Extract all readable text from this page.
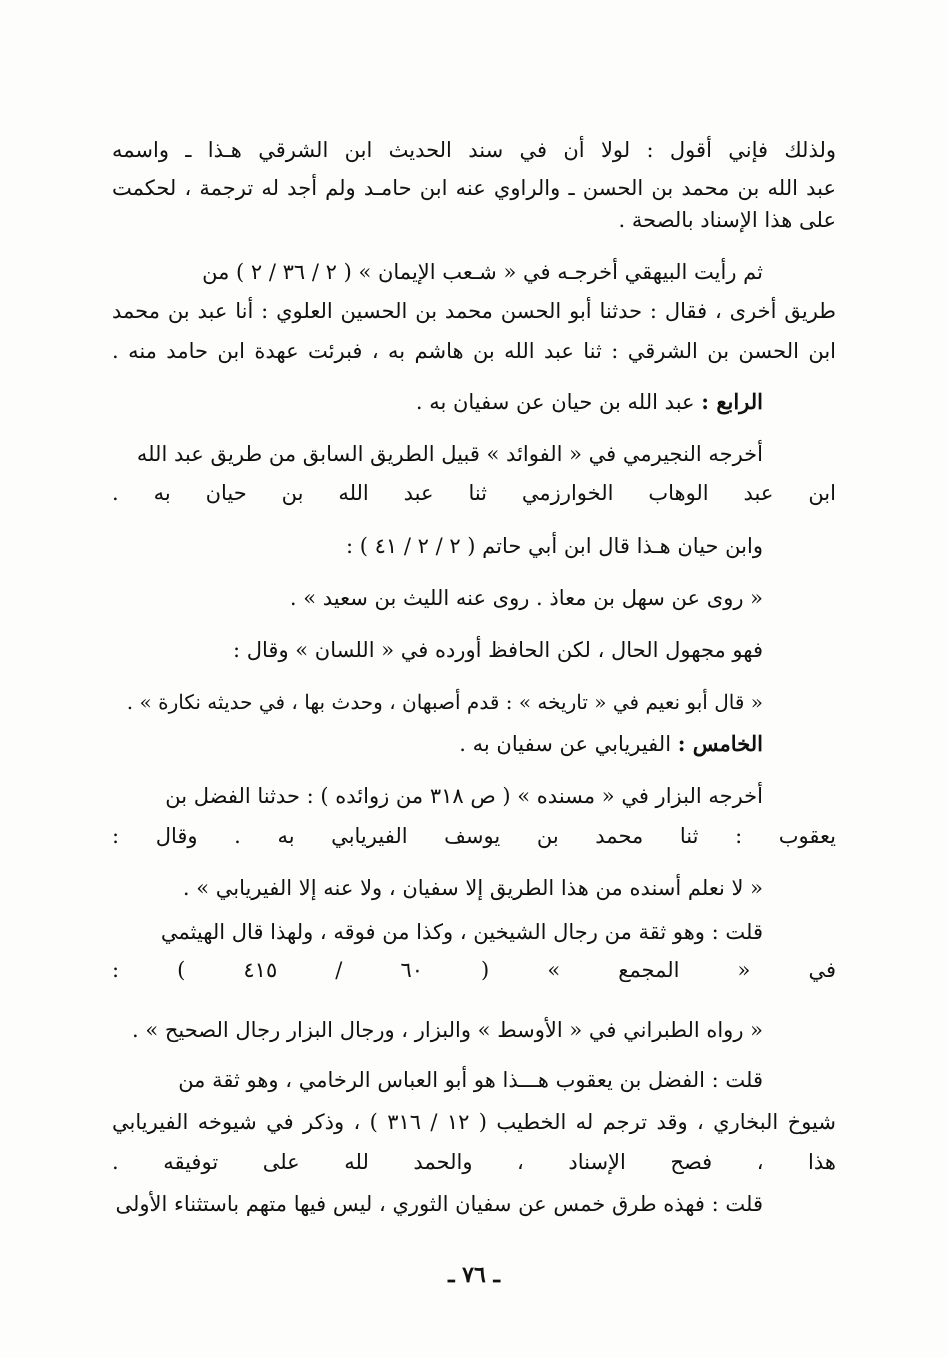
ولذلك فإني أقول : لولا أن في سند الحديث ابن الشرقي هـذا ـ واسمه
عبد الله بن محمد بن الحسن ـ والراوي عنه ابن حامـد ولم أجد له ترجمة ، لحكمت
على هذا الإسناد بالصحة .
ثم رأيت البيهقي أخرجـه في « شـعب الإيمان » ( ٢ / ٣٦ / ٢ ) من
طريق أخرى ، فقال : حدثنا أبو الحسن محمد بن الحسين العلوي : أنا عبد بن محمد
ابن الحسن بن الشرقي : ثنا عبد الله بن هاشم به ، فبرئت عهدة ابن حامد منه .
الرابع : عبد الله بن حيان عن سفيان به .
أخرجه النجيرمي في « الفوائد » قبيل الطريق السابق من طريق عبد الله
ابن عبد الوهاب الخوارزمي ثنا عبد الله بن حيان به .
وابن حيان هـذا قال ابن أبي حاتم ( ٢ / ٢ / ٤١ ) :
« روى عن سهل بن معاذ . روى عنه الليث بن سعيد » .
فهو مجهول الحال ، لكن الحافظ أورده في « اللسان » وقال :
« قال أبو نعيم في « تاريخه » : قدم أصبهان ، وحدث بها ، في حديثه نكارة » .
الخامس : الفيريابي عن سفيان به .
أخرجه البزار في « مسنده » ( ص ٣١٨ من زوائده ) : حدثنا الفضل بن
يعقوب : ثنا محمد بن يوسف الفيريابي به . وقال :
« لا نعلم أسنده من هذا الطريق إلا سفيان ، ولا عنه إلا الفيريابي » .
قلت : وهو ثقة من رجال الشيخين ، وكذا من فوقه ، ولهذا قال الهيثمي
في « المجمع » ( ٦٠ / ٤١٥ ) :
« رواه الطبراني في « الأوسط » والبزار ، ورجال البزار رجال الصحيح » .
قلت : الفضل بن يعقوب هـــذا هو أبو العباس الرخامي ، وهو ثقة من
شيوخ البخاري ، وقد ترجم له الخطيب ( ١٢ / ٣١٦ ) ، وذكر في شيوخه الفيريابي
هذا ، فصح الإسناد ، والحمد لله على توفيقه .
قلت : فهذه طرق خمس عن سفيان الثوري ، ليس فيها متهم باستثناء الأولى
ـ ٧٦ ـ
